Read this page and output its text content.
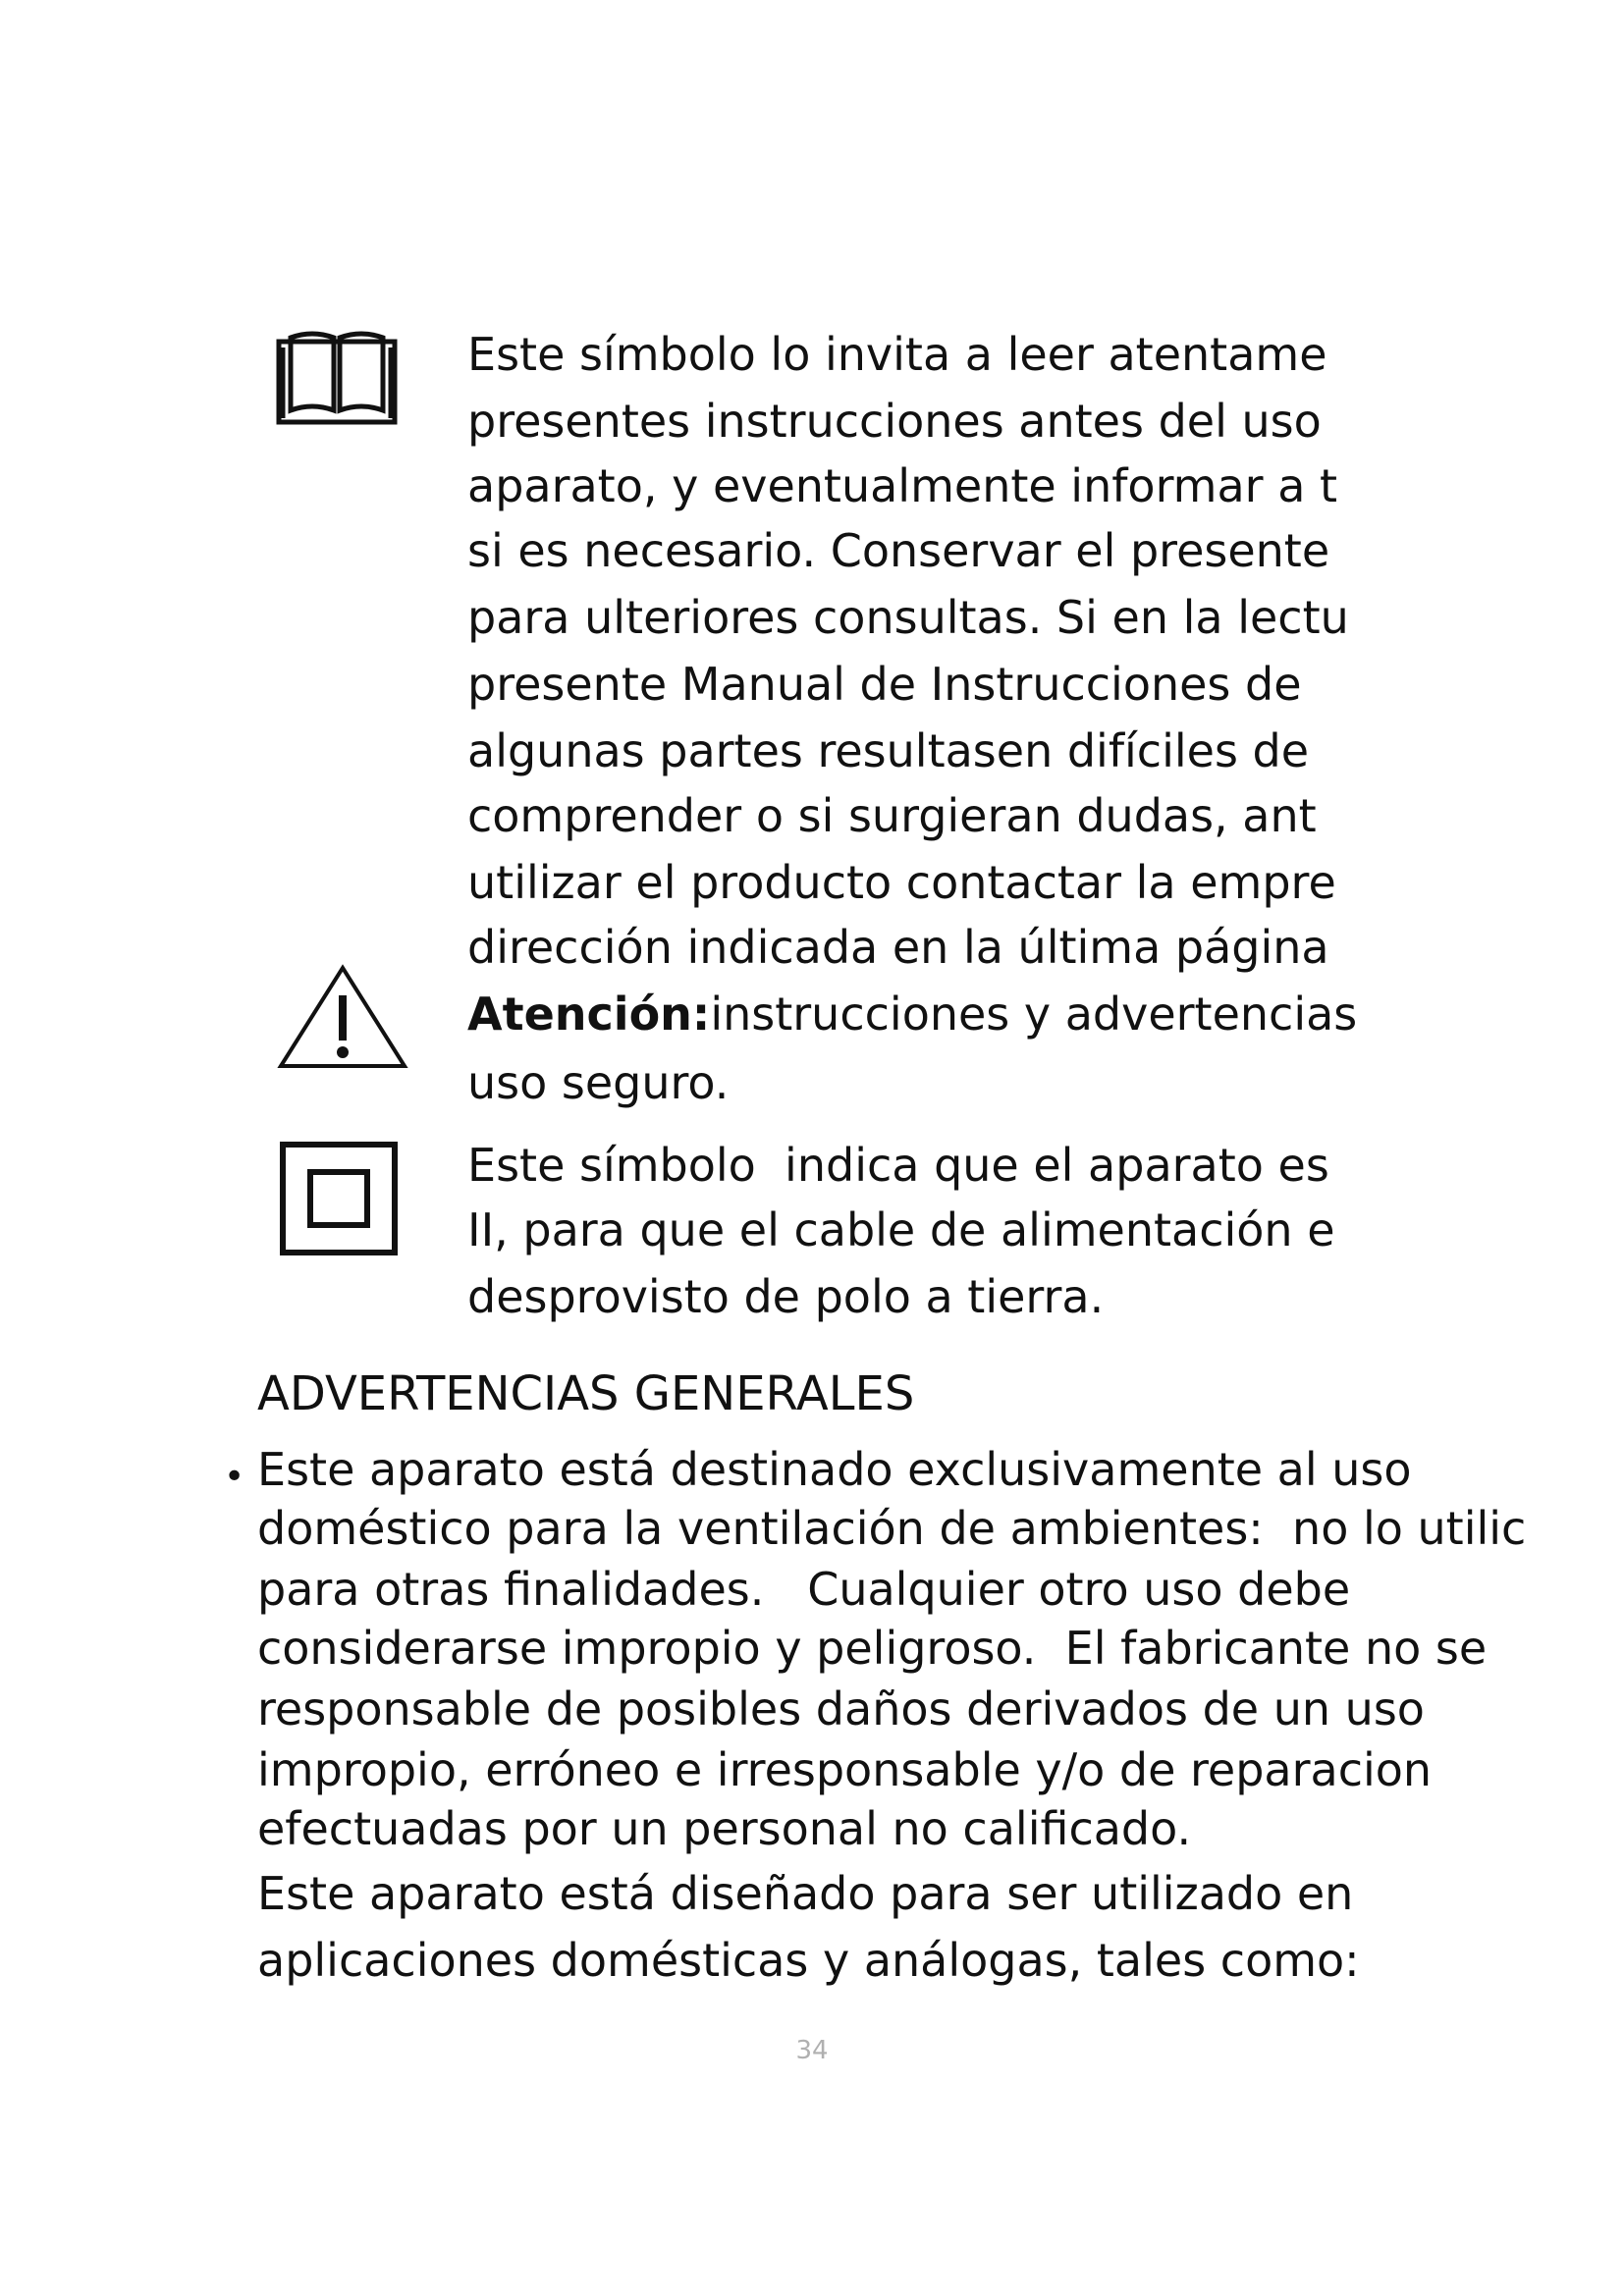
Este símbolo lo invita a leer atentame
presentes instrucciones antes del uso
aparato, y eventualmente informar a t
si es necesario. Conservar el presente
para ulteriores consultas. Si en la lectu
presente Manual de Instrucciones de
algunas partes resultasen difíciles de
comprender o si surgieran dudas, ant
utilizar el producto contactar la empre
dirección indicada en la última página
Atención:instrucciones y advertencias
uso seguro.
Este símbolo  indica que el aparato es
II, para que el cable de alimentación e
desprovisto de polo a tierra.
ADVERTENCIAS GENERALES
• Este aparato está destinado exclusivamente al uso
doméstico para la ventilación de ambientes:  no lo utilic
para otras finalidades.   Cualquier otro uso debe
considerarse impropio y peligroso.  El fabricante no se
responsable de posibles daños derivados de un uso
impropio, erróneo e irresponsable y/o de reparacion
efectuadas por un personal no calificado.
Este aparato está diseñado para ser utilizado en
aplicaciones domésticas y análogas, tales como:
34
